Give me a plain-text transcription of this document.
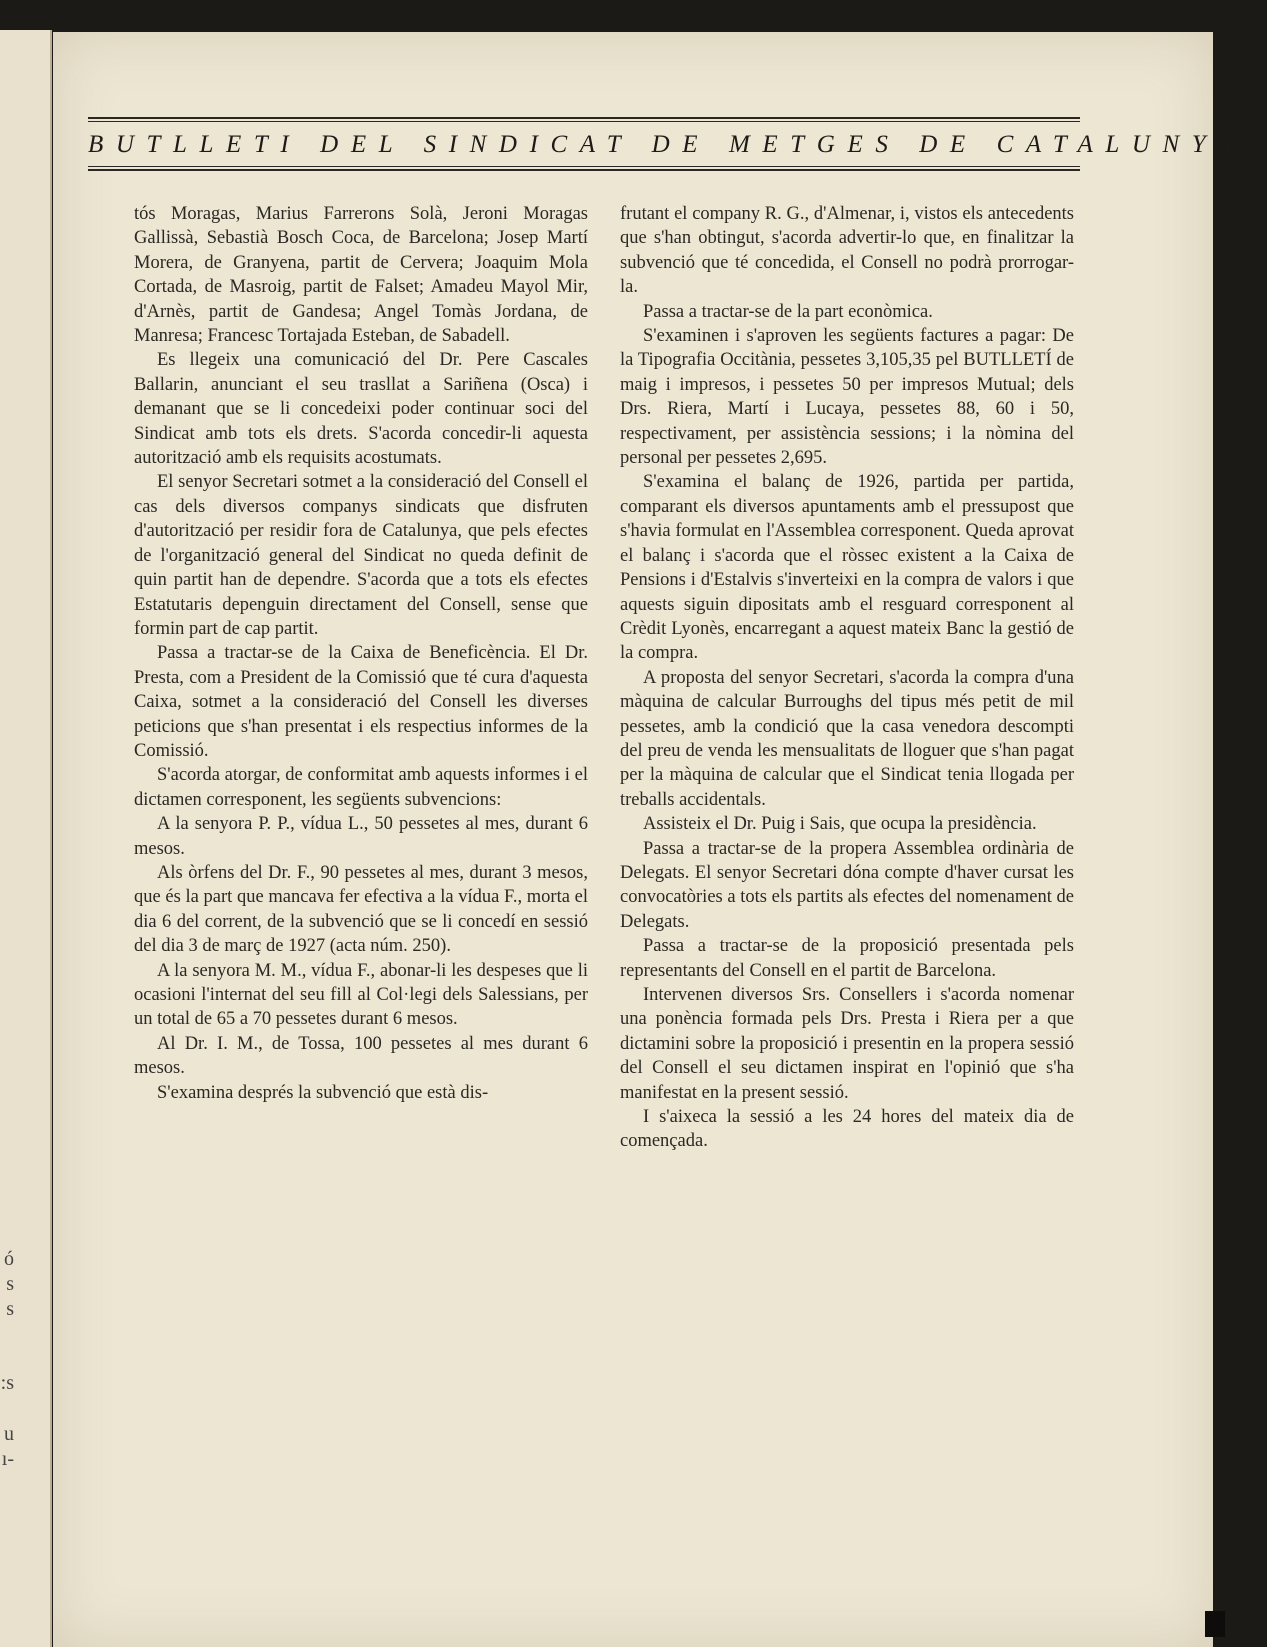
ó
s
s
:s
u
ı-
BUTLLETI DEL SINDICAT DE METGES DE CATALUNYA 21

tós Moragas, Marius Farrerons Solà, Jeroni Moragas Gallissà, Sebastià Bosch Coca, de Barcelona; Josep Martí Morera, de Granyena, partit de Cervera; Joaquim Mola Cortada, de Masroig, partit de Falset; Amadeu Mayol Mir, d'Arnès, partit de Gandesa; Angel Tomàs Jordana, de Manresa; Francesc Tortajada Esteban, de Sabadell.

Es llegeix una comunicació del Dr. Pere Cascales Ballarin, anunciant el seu trasllat a Sariñena (Osca) i demanant que se li concedeixi poder continuar soci del Sindicat amb tots els drets. S'acorda concedir-li aquesta autorització amb els requisits acostumats.

El senyor Secretari sotmet a la consideració del Consell el cas dels diversos companys sindicats que disfruten d'autorització per residir fora de Catalunya, que pels efectes de l'organització general del Sindicat no queda definit de quin partit han de dependre. S'acorda que a tots els efectes Estatutaris depenguin directament del Consell, sense que formin part de cap partit.

Passa a tractar-se de la Caixa de Beneficència. El Dr. Presta, com a President de la Comissió que té cura d'aquesta Caixa, sotmet a la consideració del Consell les diverses peticions que s'han presentat i els respectius informes de la Comissió.

S'acorda atorgar, de conformitat amb aquests informes i el dictamen corresponent, les següents subvencions:

A la senyora P. P., vídua L., 50 pessetes al mes, durant 6 mesos.

Als òrfens del Dr. F., 90 pessetes al mes, durant 3 mesos, que és la part que mancava fer efectiva a la vídua F., morta el dia 6 del corrent, de la subvenció que se li concedí en sessió del dia 3 de març de 1927 (acta núm. 250).

A la senyora M. M., vídua F., abonar-li les despeses que li ocasioni l'internat del seu fill al Col·legi dels Salessians, per un total de 65 a 70 pessetes durant 6 mesos.

Al Dr. I. M., de Tossa, 100 pessetes al mes durant 6 mesos.

S'examina després la subvenció que està dis-

frutant el company R. G., d'Almenar, i, vistos els antecedents que s'han obtingut, s'acorda advertir-lo que, en finalitzar la subvenció que té concedida, el Consell no podrà prorrogar-la.

Passa a tractar-se de la part econòmica.

S'examinen i s'aproven les següents factures a pagar: De la Tipografia Occitània, pessetes 3,105,35 pel BUTLLETÍ de maig i impresos, i pessetes 50 per impresos Mutual; dels Drs. Riera, Martí i Lucaya, pessetes 88, 60 i 50, respectivament, per assistència sessions; i la nòmina del personal per pessetes 2,695.

S'examina el balanç de 1926, partida per partida, comparant els diversos apuntaments amb el pressupost que s'havia formulat en l'Assemblea corresponent. Queda aprovat el balanç i s'acorda que el ròssec existent a la Caixa de Pensions i d'Estalvis s'inverteixi en la compra de valors i que aquests siguin dipositats amb el resguard corresponent al Crèdit Lyonès, encarregant a aquest mateix Banc la gestió de la compra.

A proposta del senyor Secretari, s'acorda la compra d'una màquina de calcular Burroughs del tipus més petit de mil pessetes, amb la condició que la casa venedora descompti del preu de venda les mensualitats de lloguer que s'han pagat per la màquina de calcular que el Sindicat tenia llogada per treballs accidentals.

Assisteix el Dr. Puig i Sais, que ocupa la presidència.

Passa a tractar-se de la propera Assemblea ordinària de Delegats. El senyor Secretari dóna compte d'haver cursat les convocatòries a tots els partits als efectes del nomenament de Delegats.

Passa a tractar-se de la proposició presentada pels representants del Consell en el partit de Barcelona.

Intervenen diversos Srs. Consellers i s'acorda nomenar una ponència formada pels Drs. Presta i Riera per a que dictamini sobre la proposició i presentin en la propera sessió del Consell el seu dictamen inspirat en l'opinió que s'ha manifestat en la present sessió.

I s'aixeca la sessió a les 24 hores del mateix dia de començada.
